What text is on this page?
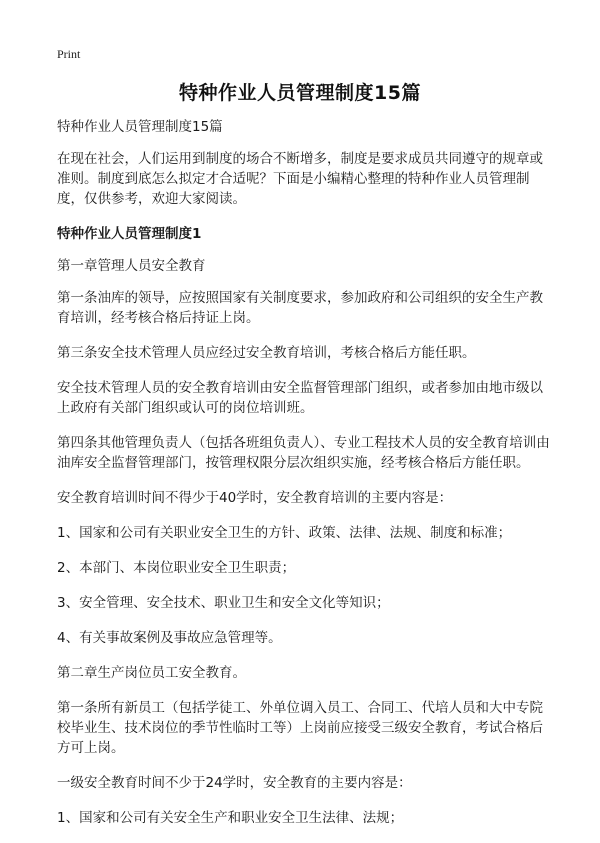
Print
特种作业人员管理制度15篇

特种作业人员管理制度15篇

在现在社会，人们运用到制度的场合不断增多，制度是要求成员共同遵守的规章或准则。制度到底怎么拟定才合适呢？下面是小编精心整理的特种作业人员管理制度，仅供参考，欢迎大家阅读。

特种作业人员管理制度1

第一章管理人员安全教育

第一条油库的领导，应按照国家有关制度要求，参加政府和公司组织的安全生产教育培训，经考核合格后持证上岗。

第三条安全技术管理人员应经过安全教育培训，考核合格后方能任职。

安全技术管理人员的安全教育培训由安全监督管理部门组织，或者参加由地市级以上政府有关部门组织或认可的岗位培训班。

第四条其他管理负责人（包括各班组负责人）、专业工程技术人员的安全教育培训由油库安全监督管理部门，按管理权限分层次组织实施，经考核合格后方能任职。

安全教育培训时间不得少于40学时，安全教育培训的主要内容是：

1、国家和公司有关职业安全卫生的方针、政策、法律、法规、制度和标准；

2、本部门、本岗位职业安全卫生职责；

3、安全管理、安全技术、职业卫生和安全文化等知识；

4、有关事故案例及事故应急管理等。

第二章生产岗位员工安全教育。

第一条所有新员工（包括学徒工、外单位调入员工、合同工、代培人员和大中专院校毕业生、技术岗位的季节性临时工等）上岗前应接受三级安全教育，考试合格后方可上岗。

一级安全教育时间不少于24学时，安全教育的主要内容是：

1、国家和公司有关安全生产和职业安全卫生法律、法规；
